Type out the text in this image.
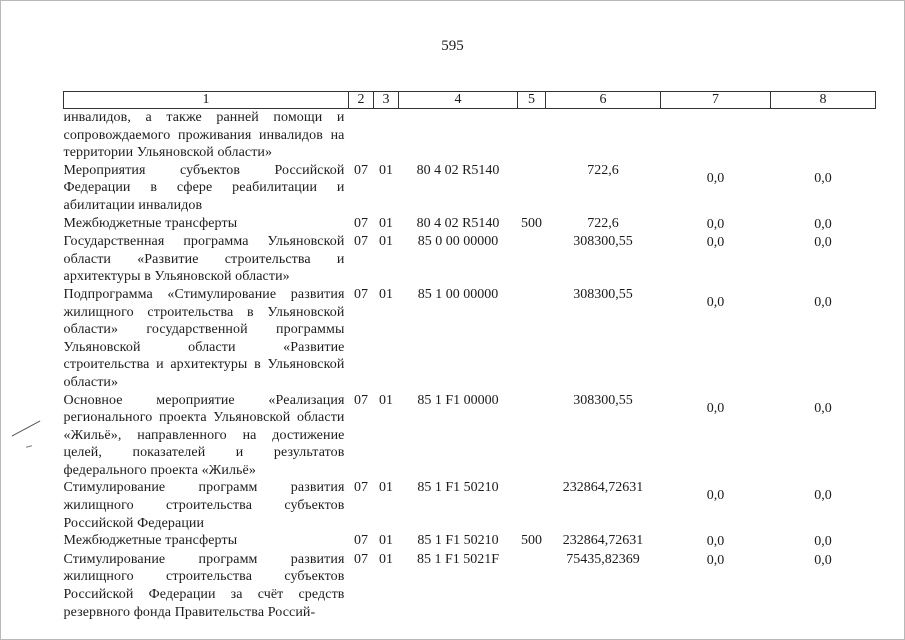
595
1	2	3	4	5	6	7	8
инвалидов, а также ранней помощи и сопровождаемого проживания инвалидов на территории Ульяновской области»							
Мероприятия субъектов Российской Федерации в сфере реабилитации и абилитации инвалидов	07	01	80 4 02 R5140		722,6	0,0	0,0
Межбюджетные трансферты	07	01	80 4 02 R5140	500	722,6	0,0	0,0
Государственная программа Ульяновской области «Развитие строительства и архитектуры в Ульяновской области»	07	01	85 0 00 00000		308300,55	0,0	0,0
Подпрограмма «Стимулирование развития жилищного строительства в Ульяновской области» государственной программы Ульяновской области «Развитие строительства и архитектуры в Ульяновской области»	07	01	85 1 00 00000		308300,55	0,0	0,0
Основное мероприятие «Реализация регионального проекта Ульяновской области «Жильё», направленного на достижение целей, показателей и результатов федерального проекта «Жильё»	07	01	85 1 F1 00000		308300,55	0,0	0,0
Стимулирование программ развития жилищного строительства субъектов Российской Федерации	07	01	85 1 F1 50210		232864,72631	0,0	0,0
Межбюджетные трансферты	07	01	85 1 F1 50210	500	232864,72631	0,0	0,0
Стимулирование программ развития жилищного строительства субъектов Российской Федерации за счёт средств резервного фонда Правительства Россий-	07	01	85 1 F1 5021F		75435,82369	0,0	0,0
